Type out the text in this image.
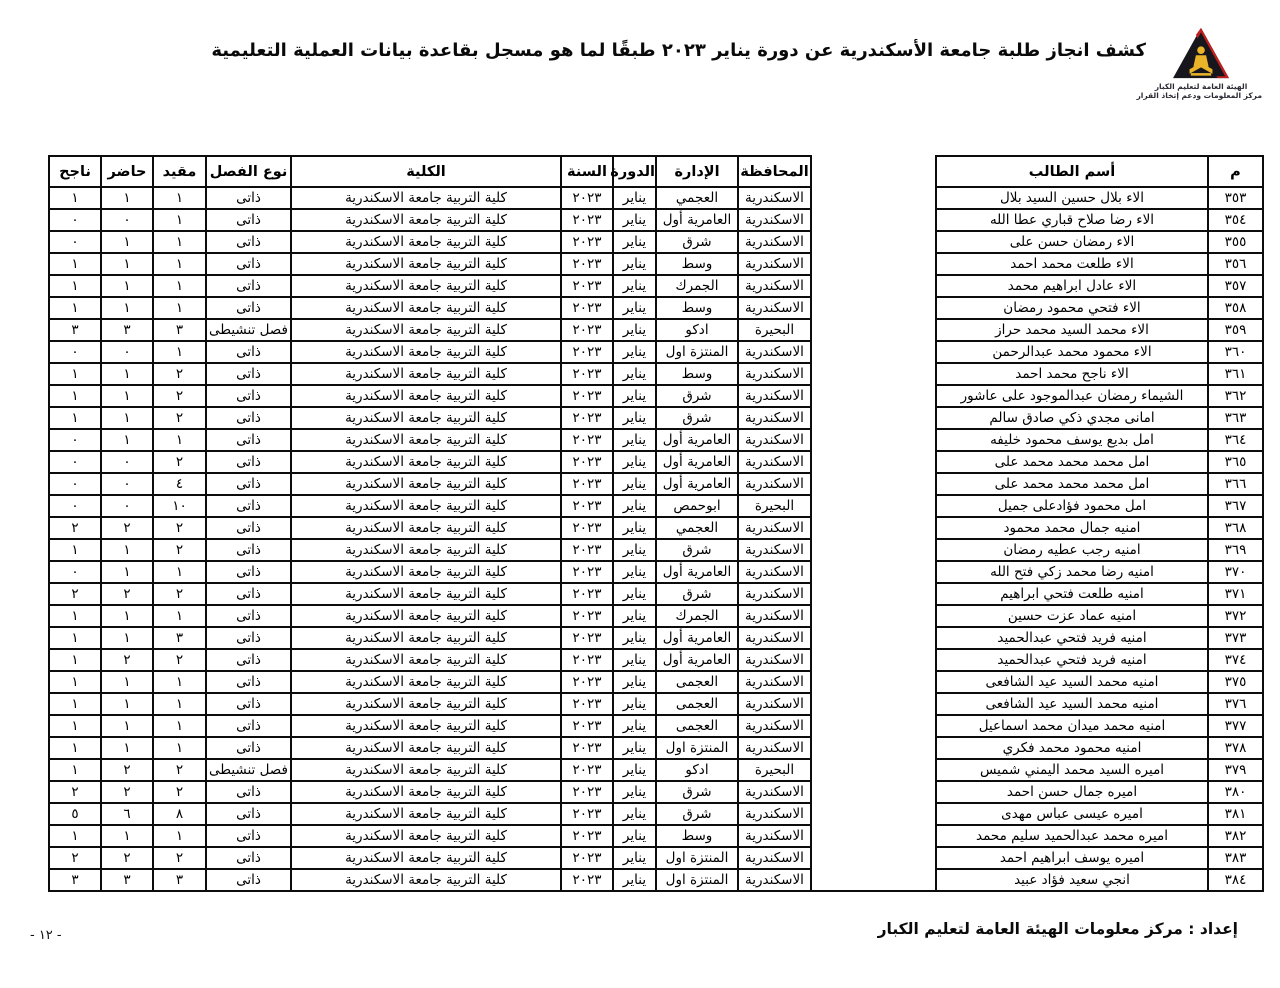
الهيئة العامة لتعليم الكبار
مركز المعلومات ودعم إتخاذ القرار
كشف انجاز طلبة جامعة الأسكندرية عن دورة يناير ٢٠٢٣ طبقًا لما هو مسجل بقاعدة بيانات العملية التعليمية
م	أسم الطالب		المحافظة	الإدارة	الدورة	السنة	الكلية	نوع الفصل	مقيد	حاضر	ناجح
٣٥٣	الاء بلال حسين السيد بلال		الاسكندرية	العجمي	يناير	٢٠٢٣	كلية التربية جامعة الاسكندرية	ذاتى	١	١	١
٣٥٤	الاء رضا صلاح قباري عطا الله		الاسكندرية	العامرية أول	يناير	٢٠٢٣	كلية التربية جامعة الاسكندرية	ذاتى	١	٠	٠
٣٥٥	الاء رمضان حسن على		الاسكندرية	شرق	يناير	٢٠٢٣	كلية التربية جامعة الاسكندرية	ذاتى	١	١	٠
٣٥٦	الاء طلعت محمد احمد		الاسكندرية	وسط	يناير	٢٠٢٣	كلية التربية جامعة الاسكندرية	ذاتى	١	١	١
٣٥٧	الاء عادل ابراهيم محمد		الاسكندرية	الجمرك	يناير	٢٠٢٣	كلية التربية جامعة الاسكندرية	ذاتى	١	١	١
٣٥٨	الاء فتحي محمود رمضان		الاسكندرية	وسط	يناير	٢٠٢٣	كلية التربية جامعة الاسكندرية	ذاتى	١	١	١
٣٥٩	الاء محمد السيد محمد حراز		البحيرة	ادكو	يناير	٢٠٢٣	كلية التربية جامعة الاسكندرية	فصل تنشيطى	٣	٣	٣
٣٦٠	الاء محمود محمد عبدالرحمن		الاسكندرية	المنتزة اول	يناير	٢٠٢٣	كلية التربية جامعة الاسكندرية	ذاتى	١	٠	٠
٣٦١	الاء ناجح محمد احمد		الاسكندرية	وسط	يناير	٢٠٢٣	كلية التربية جامعة الاسكندرية	ذاتى	٢	١	١
٣٦٢	الشيماء رمضان عبدالموجود على عاشور		الاسكندرية	شرق	يناير	٢٠٢٣	كلية التربية جامعة الاسكندرية	ذاتى	٢	١	١
٣٦٣	امانى مجدي ذكي صادق سالم		الاسكندرية	شرق	يناير	٢٠٢٣	كلية التربية جامعة الاسكندرية	ذاتى	٢	١	١
٣٦٤	امل بديع يوسف محمود خليفه		الاسكندرية	العامرية أول	يناير	٢٠٢٣	كلية التربية جامعة الاسكندرية	ذاتى	١	١	٠
٣٦٥	امل محمد محمد محمد على		الاسكندرية	العامرية أول	يناير	٢٠٢٣	كلية التربية جامعة الاسكندرية	ذاتى	٢	٠	٠
٣٦٦	امل محمد محمد محمد على		الاسكندرية	العامرية أول	يناير	٢٠٢٣	كلية التربية جامعة الاسكندرية	ذاتى	٤	٠	٠
٣٦٧	امل محمود فؤادعلى جميل		البحيرة	ابوحمص	يناير	٢٠٢٣	كلية التربية جامعة الاسكندرية	ذاتى	١٠	٠	٠
٣٦٨	امنيه جمال محمد محمود		الاسكندرية	العجمي	يناير	٢٠٢٣	كلية التربية جامعة الاسكندرية	ذاتى	٢	٢	٢
٣٦٩	امنيه رجب عطيه رمضان		الاسكندرية	شرق	يناير	٢٠٢٣	كلية التربية جامعة الاسكندرية	ذاتى	٢	١	١
٣٧٠	امنيه رضا محمد زكي فتح الله		الاسكندرية	العامرية أول	يناير	٢٠٢٣	كلية التربية جامعة الاسكندرية	ذاتى	١	١	٠
٣٧١	امنيه طلعت فتحي ابراهيم		الاسكندرية	شرق	يناير	٢٠٢٣	كلية التربية جامعة الاسكندرية	ذاتى	٢	٢	٢
٣٧٢	امنيه عماد عزت حسين		الاسكندرية	الجمرك	يناير	٢٠٢٣	كلية التربية جامعة الاسكندرية	ذاتى	١	١	١
٣٧٣	امنيه فريد فتحي عبدالحميد		الاسكندرية	العامرية أول	يناير	٢٠٢٣	كلية التربية جامعة الاسكندرية	ذاتى	٣	١	١
٣٧٤	امنيه فريد فتحي عبدالحميد		الاسكندرية	العامرية أول	يناير	٢٠٢٣	كلية التربية جامعة الاسكندرية	ذاتى	٢	٢	١
٣٧٥	امنيه محمد السيد عيد الشافعى		الاسكندرية	العجمى	يناير	٢٠٢٣	كلية التربية جامعة الاسكندرية	ذاتى	١	١	١
٣٧٦	امنيه محمد السيد عيد الشافعى		الاسكندرية	العجمى	يناير	٢٠٢٣	كلية التربية جامعة الاسكندرية	ذاتى	١	١	١
٣٧٧	امنيه محمد ميدان محمد اسماعيل		الاسكندرية	العجمى	يناير	٢٠٢٣	كلية التربية جامعة الاسكندرية	ذاتى	١	١	١
٣٧٨	امنيه محمود محمد فكري		الاسكندرية	المنتزة اول	يناير	٢٠٢٣	كلية التربية جامعة الاسكندرية	ذاتى	١	١	١
٣٧٩	اميره السيد محمد اليمني شميس		البحيرة	ادكو	يناير	٢٠٢٣	كلية التربية جامعة الاسكندرية	فصل تنشيطى	٢	٢	١
٣٨٠	اميره جمال حسن احمد		الاسكندرية	شرق	يناير	٢٠٢٣	كلية التربية جامعة الاسكندرية	ذاتى	٢	٢	٢
٣٨١	اميره عيسى عباس مهدى		الاسكندرية	شرق	يناير	٢٠٢٣	كلية التربية جامعة الاسكندرية	ذاتى	٨	٦	٥
٣٨٢	اميره محمد عبدالحميد سليم محمد		الاسكندرية	وسط	يناير	٢٠٢٣	كلية التربية جامعة الاسكندرية	ذاتى	١	١	١
٣٨٣	اميره يوسف ابراهيم احمد		الاسكندرية	المنتزة اول	يناير	٢٠٢٣	كلية التربية جامعة الاسكندرية	ذاتى	٢	٢	٢
٣٨٤	انجي سعيد فؤاد عبيد		الاسكندرية	المنتزة اول	يناير	٢٠٢٣	كلية التربية جامعة الاسكندرية	ذاتى	٣	٣	٣
إعداد : مركز معلومات الهيئة العامة لتعليم الكبار
- ١٢ -
